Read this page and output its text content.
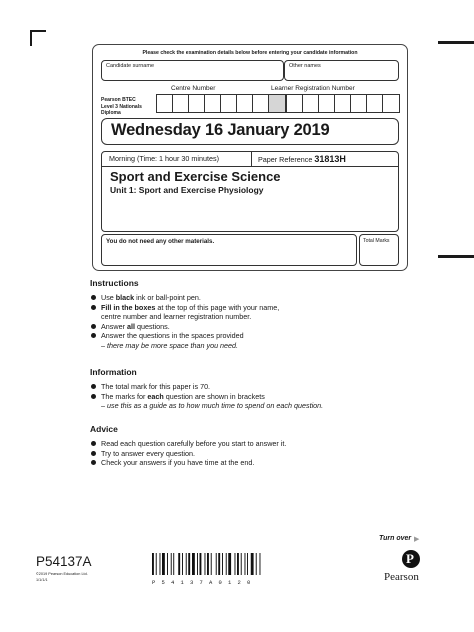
Please check the examination details below before entering your candidate information
Candidate surname	Other names
Pearson BTEC
Level 3 Nationals
Diploma
Centre Number	Learner Registration Number
Wednesday 16 January 2019
Morning (Time: 1 hour 30 minutes)	Paper Reference 31813H
Sport and Exercise Science
Unit 1: Sport and Exercise Physiology
You do not need any other materials.	Total Marks
Instructions
Use black ink or ball-point pen.
Fill in the boxes at the top of this page with your name,
centre number and learner registration number.
Answer all questions.
Answer the questions in the spaces provided
– there may be more space than you need.
Information
The total mark for this paper is 70.
The marks for each question are shown in brackets
– use this as a guide as to how much time to spend on each question.
Advice
Read each question carefully before you start to answer it.
Try to answer every question.
Check your answers if you have time at the end.
Turn over ▶
P54137A
©2019 Pearson Education Ltd.
1/1/1/1	P54137A0120
P
Pearson
